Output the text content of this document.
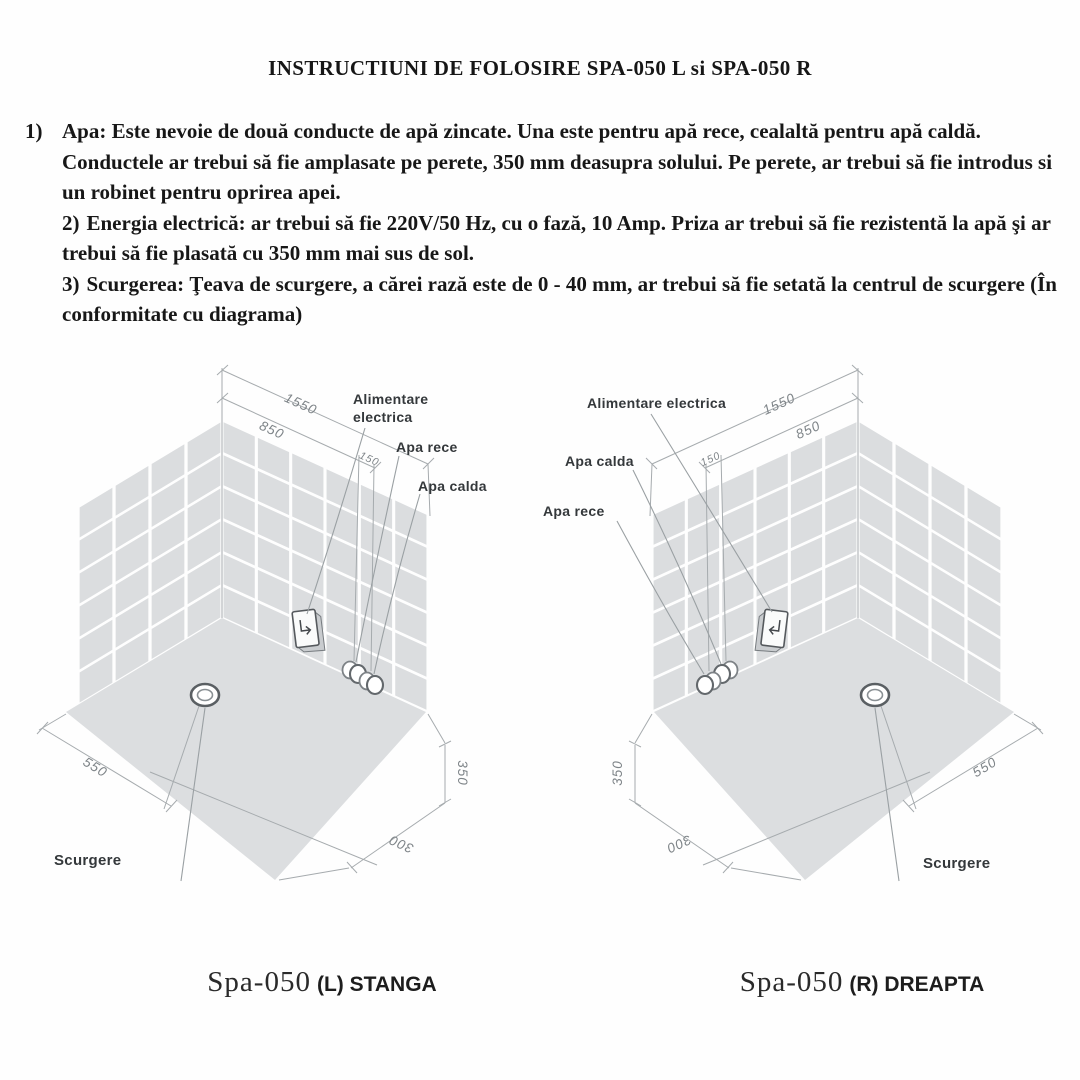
INSTRUCTIUNI DE FOLOSIRE SPA-050 L si SPA-050 R
1) Apa: Este nevoie de două conducte de apă zincate. Una este pentru apă rece, cealaltă pentru apă caldă. Conductele ar trebui să fie amplasate pe perete, 350 mm deasupra solului. Pe perete, ar trebui să fie introdus si un robinet pentru oprirea apei.
2) Energia electrică: ar trebui să fie 220V/50 Hz, cu o fază, 10 Amp. Priza ar trebui să fie rezistentă la apă şi ar trebui să fie plasată cu 350 mm mai sus de sol.
3) Scurgerea: Ţeava de scurgere, a cărei rază este de 0 - 40 mm, ar trebui să fie setată la centrul de scurgere (În conformitate cu diagrama)
Alimentare
electrica
Apa rece
Apa calda
Scurgere
1550
850
150
550	350
300
Alimentare electrica
Apa calda
Apa rece
Scurgere
1550
850
150
550
350
300
Spa-050 (L) STANGA	Spa-050 (R) DREAPTA
